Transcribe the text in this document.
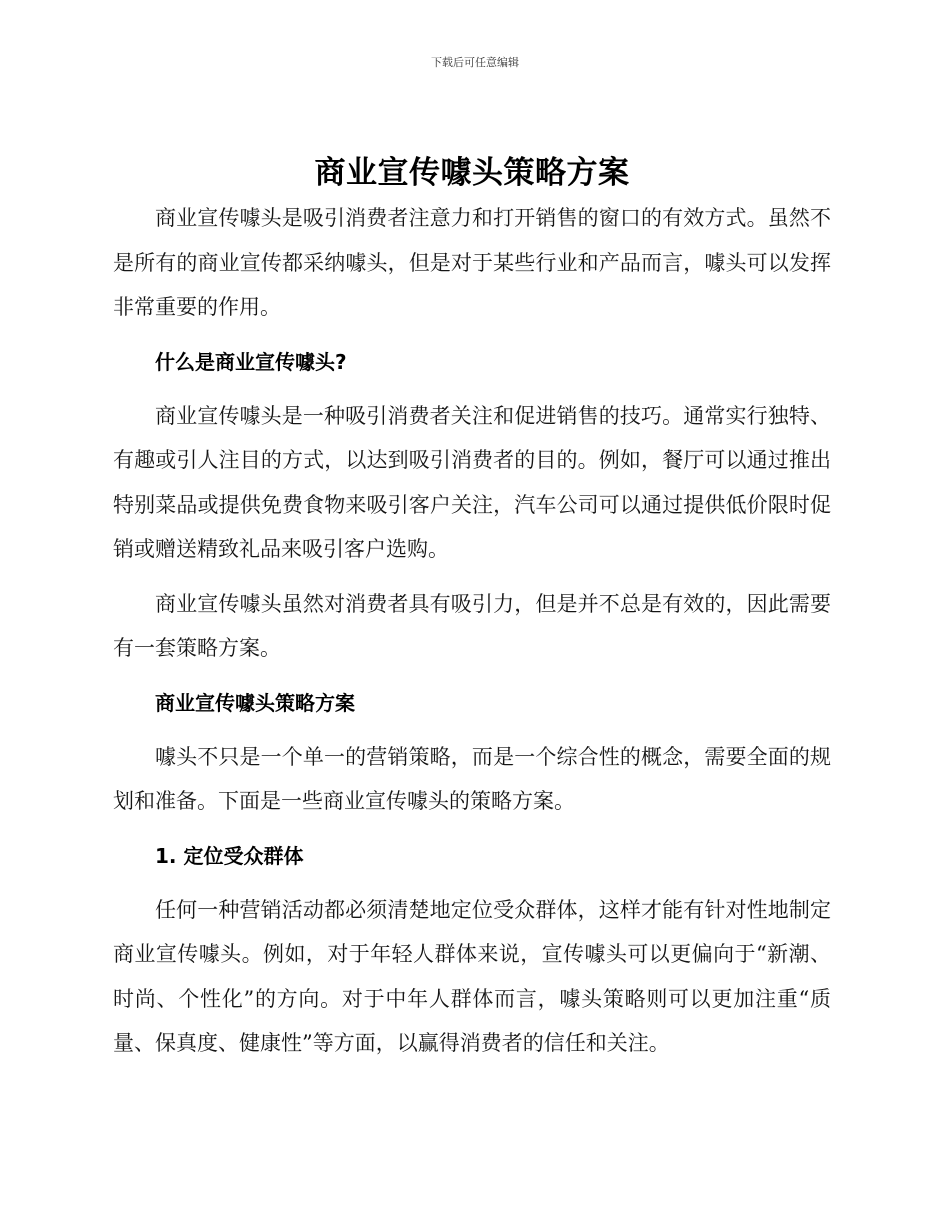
下载后可任意编辑
商业宣传噱头策略方案

商业宣传噱头是吸引消费者注意力和打开销售的窗口的有效方式。虽然不是所有的商业宣传都采纳噱头，但是对于某些行业和产品而言，噱头可以发挥非常重要的作用。

什么是商业宣传噱头?

商业宣传噱头是一种吸引消费者关注和促进销售的技巧。通常实行独特、有趣或引人注目的方式，以达到吸引消费者的目的。例如，餐厅可以通过推出特别菜品或提供免费食物来吸引客户关注，汽车公司可以通过提供低价限时促销或赠送精致礼品来吸引客户选购。

商业宣传噱头虽然对消费者具有吸引力，但是并不总是有效的，因此需要有一套策略方案。

商业宣传噱头策略方案

噱头不只是一个单一的营销策略，而是一个综合性的概念，需要全面的规划和准备。下面是一些商业宣传噱头的策略方案。

1. 定位受众群体

任何一种营销活动都必须清楚地定位受众群体，这样才能有针对性地制定商业宣传噱头。例如，对于年轻人群体来说，宣传噱头可以更偏向于“新潮、时尚、个性化”的方向。对于中年人群体而言，噱头策略则可以更加注重“质量、保真度、健康性”等方面，以赢得消费者的信任和关注。
